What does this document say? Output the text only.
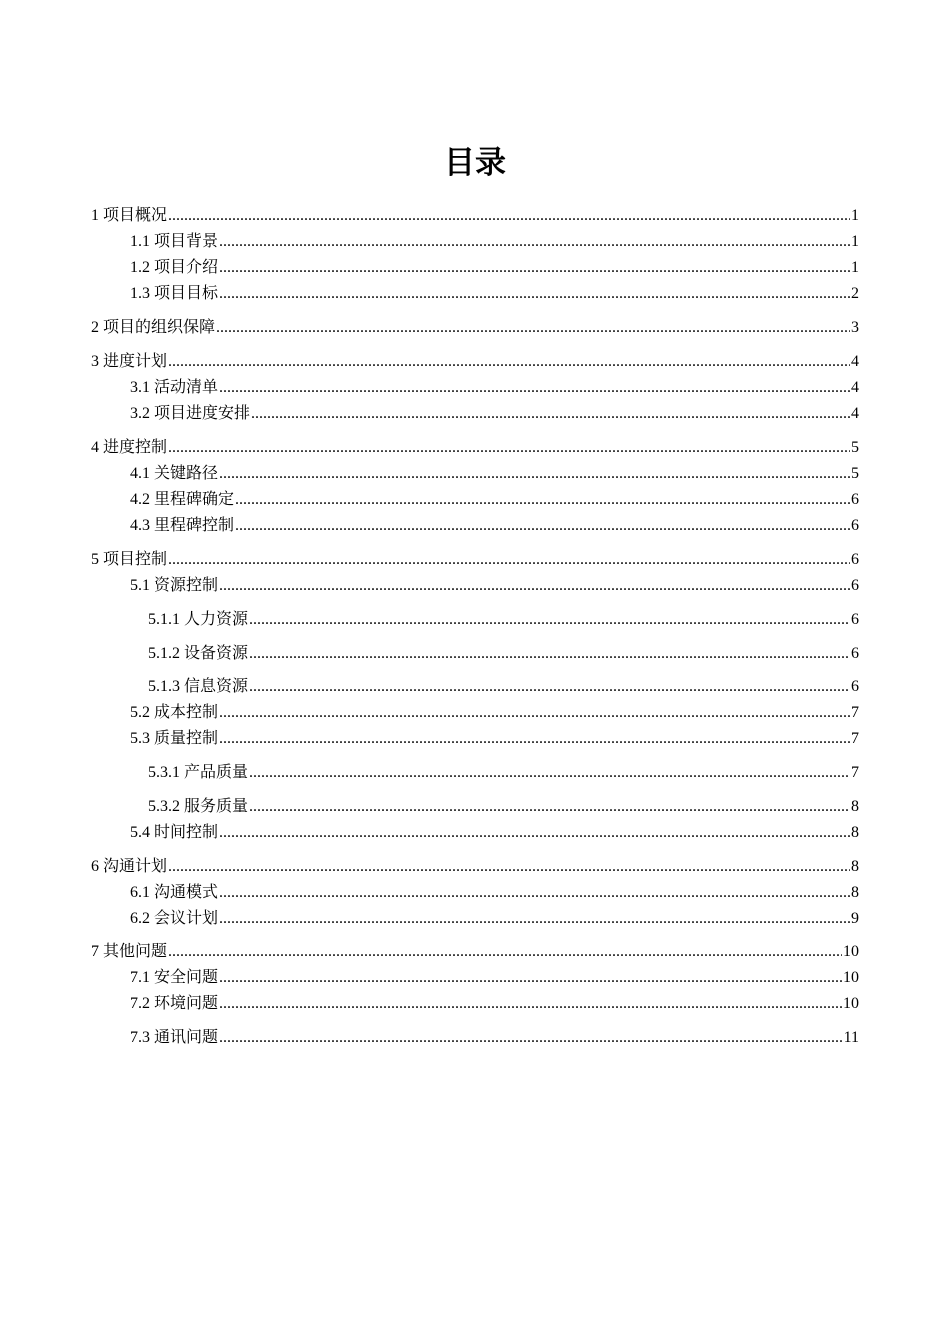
目录
1 项目概况 .....	1
1.1 项目背景 .....	1
1.2 项目介绍 .....	1
1.3 项目目标 .....	2
2 项目的组织保障 .....	3
3 进度计划 .....	4
3.1 活动清单 .....	4
3.2 项目进度安排 .....	4
4 进度控制 .....	5
4.1 关键路径 .....	5
4.2 里程碑确定 .....	6
4.3 里程碑控制 .....	6
5 项目控制 .....	6
5.1 资源控制 .....	6
5.1.1 人力资源 .....	6
5.1.2 设备资源 .....	6
5.1.3 信息资源 .....	6
5.2 成本控制 .....	7
5.3 质量控制 .....	7
5.3.1 产品质量 .....	7
5.3.2 服务质量 .....	8
5.4 时间控制 .....	8
6 沟通计划 .....	8
6.1 沟通模式 .....	8
6.2 会议计划 .....	9
7 其他问题 .....	10
7.1 安全问题 .....	10
7.2 环境问题 .....	10
7.3 通讯问题 .....	11
